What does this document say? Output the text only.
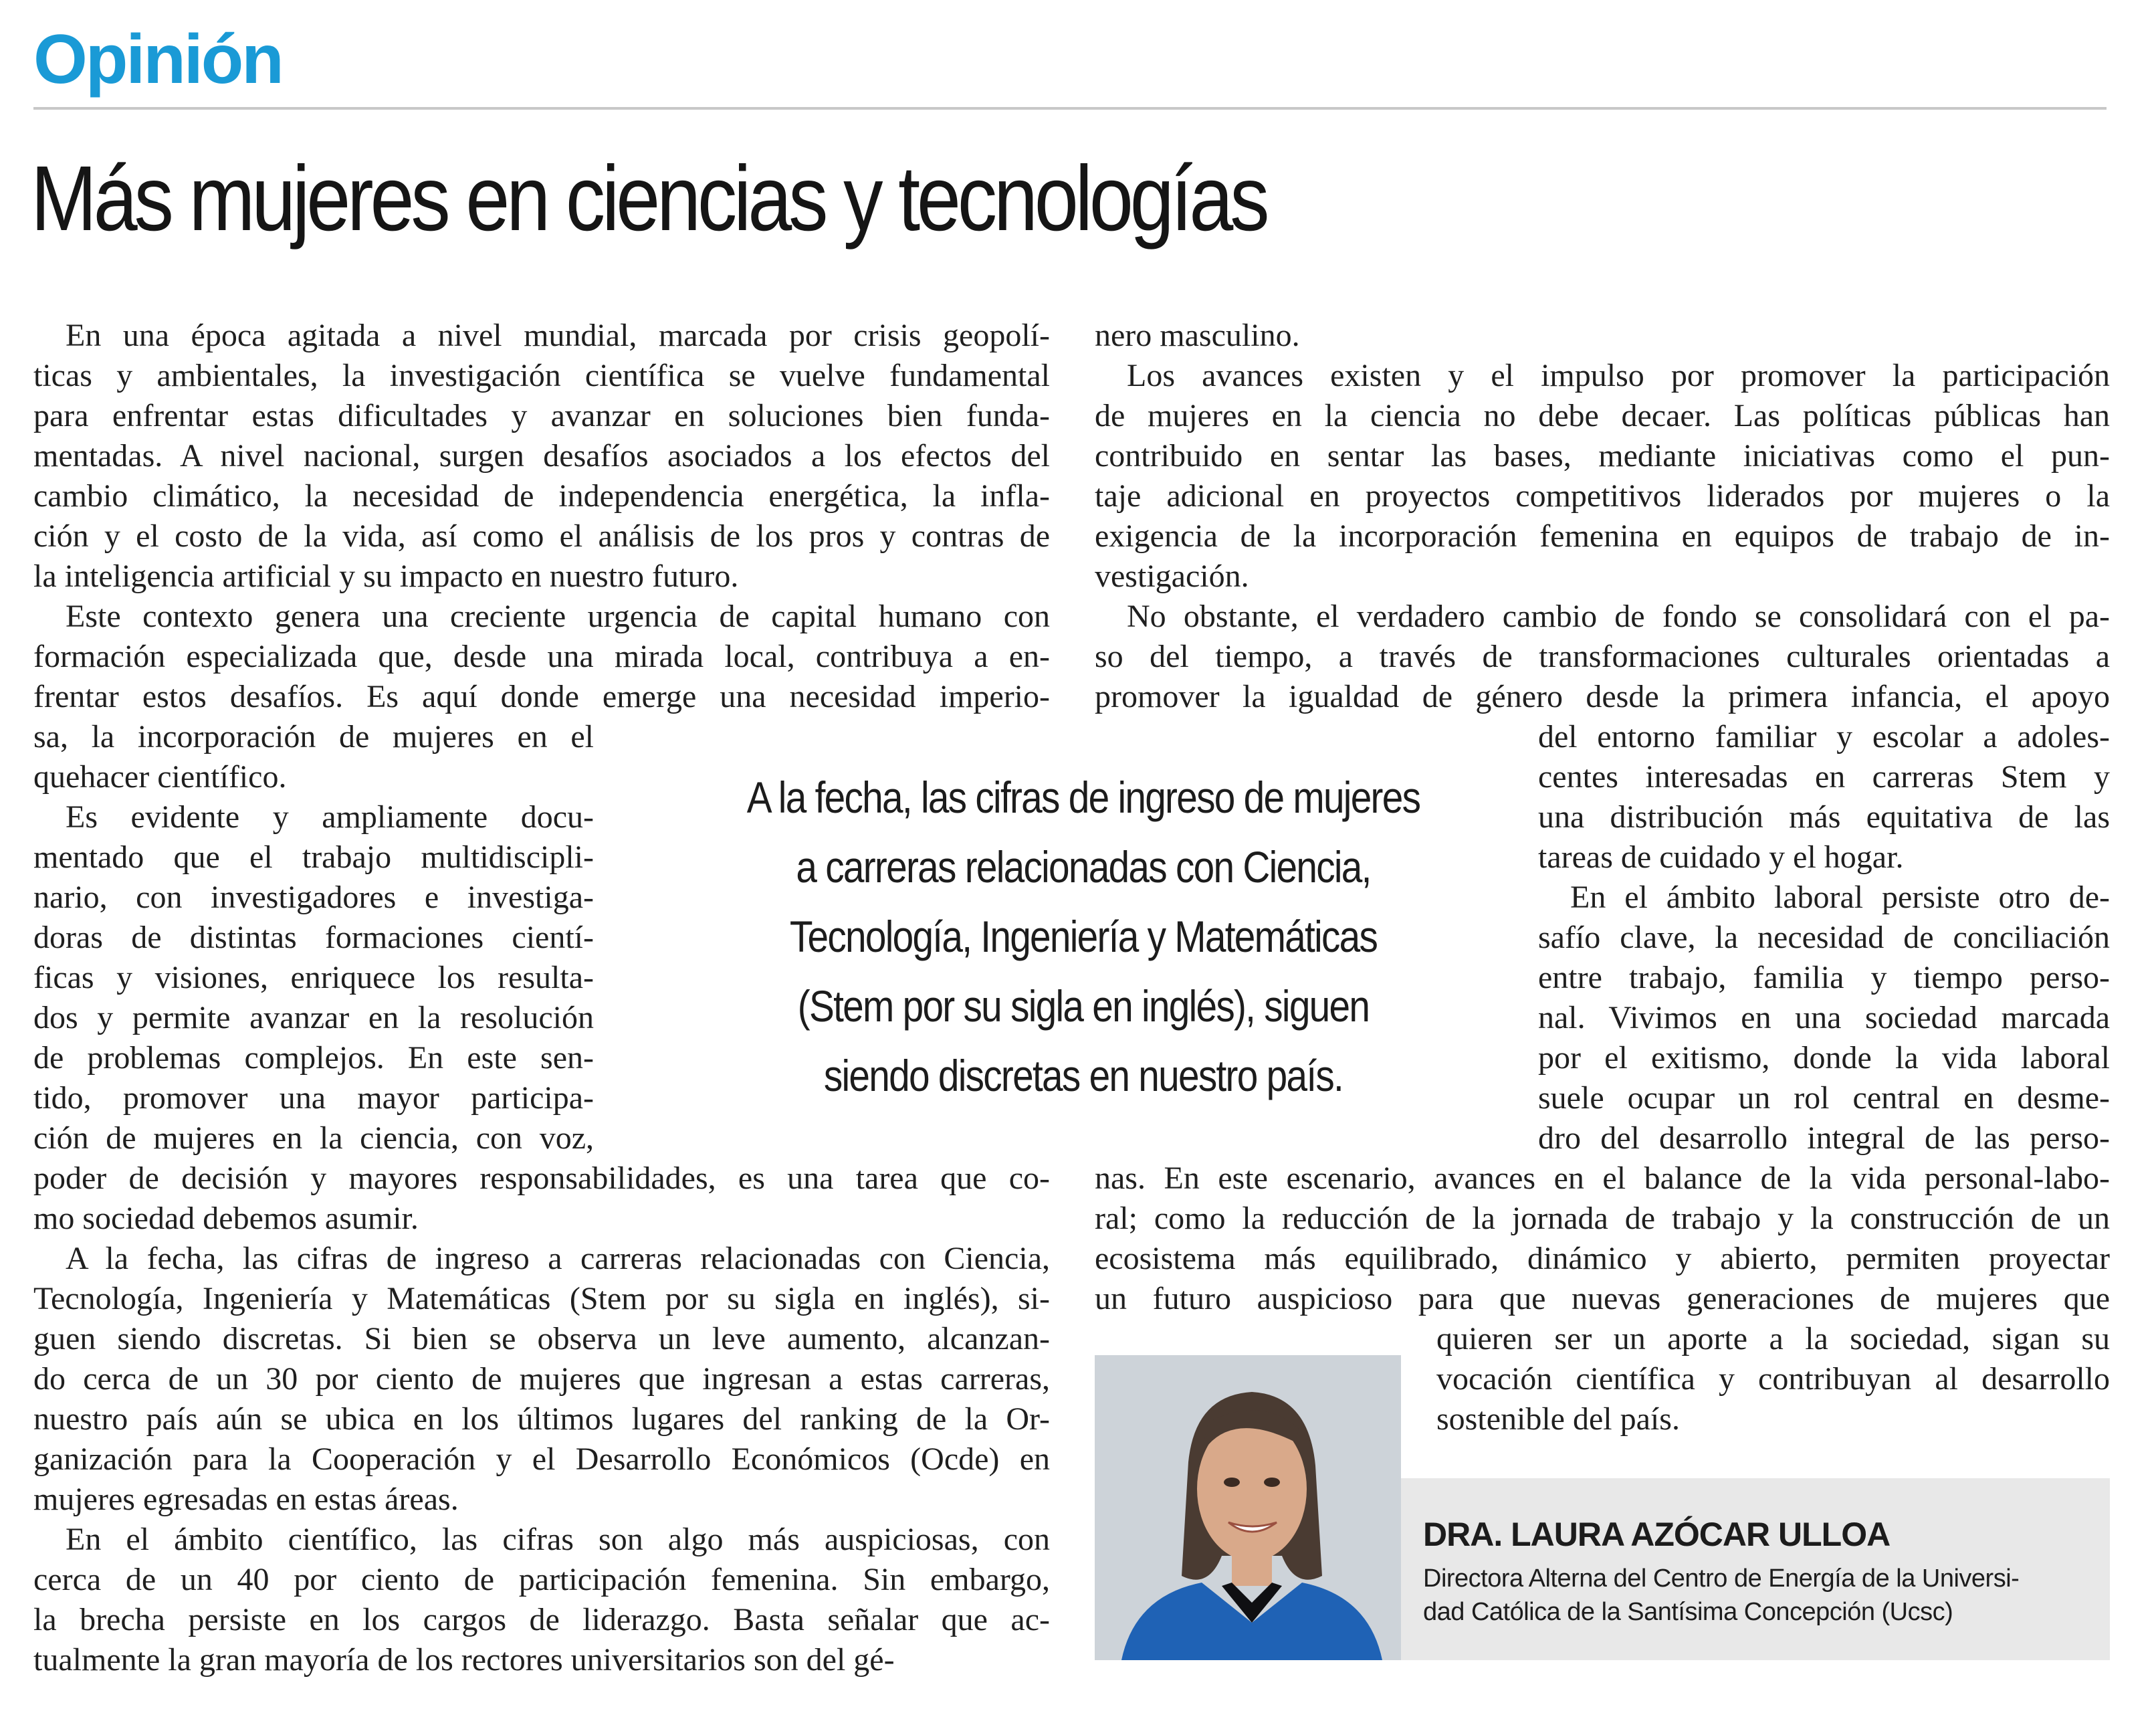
Opinión
Más mujeres en ciencias y tecnologías
En una época agitada a nivel mundial, marcada por crisis geopolí-
ticas y ambientales, la investigación científica se vuelve fundamental
para enfrentar estas dificultades y avanzar en soluciones bien funda-
mentadas. A nivel nacional, surgen desafíos asociados a los efectos del
cambio climático, la necesidad de independencia energética, la infla-
ción y el costo de la vida, así como el análisis de los pros y contras de
la inteligencia artificial y su impacto en nuestro futuro.
Este contexto genera una creciente urgencia de capital humano con
formación especializada que, desde una mirada local, contribuya a en-
frentar estos desafíos. Es aquí donde emerge una necesidad imperio-
sa, la incorporación de mujeres en el
quehacer científico.
Es evidente y ampliamente docu-
mentado que el trabajo multidiscipli-
nario, con investigadores e investiga-
doras de distintas formaciones cientí-
ficas y visiones, enriquece los resulta-
dos y permite avanzar en la resolución
de problemas complejos. En este sen-
tido, promover una mayor participa-
ción de mujeres en la ciencia, con voz,
poder de decisión y mayores responsabilidades, es una tarea que co-
mo sociedad debemos asumir.
A la fecha, las cifras de ingreso a carreras relacionadas con Ciencia,
Tecnología, Ingeniería y Matemáticas (Stem por su sigla en inglés), si-
guen siendo discretas. Si bien se observa un leve aumento, alcanzan-
do cerca de un 30 por ciento de mujeres que ingresan a estas carreras,
nuestro país aún se ubica en los últimos lugares del ranking de la Or-
ganización para la Cooperación y el Desarrollo Económicos (Ocde) en
mujeres egresadas en estas áreas.
En el ámbito científico, las cifras son algo más auspiciosas, con
cerca de un 40 por ciento de participación femenina. Sin embargo,
la brecha persiste en los cargos de liderazgo. Basta señalar que ac-
tualmente la gran mayoría de los rectores universitarios son del gé-
nero masculino.
Los avances existen y el impulso por promover la participación
de mujeres en la ciencia no debe decaer. Las políticas públicas han
contribuido en sentar las bases, mediante iniciativas como el pun-
taje adicional en proyectos competitivos liderados por mujeres o la
exigencia de la incorporación femenina en equipos de trabajo de in-
vestigación.
No obstante, el verdadero cambio de fondo se consolidará con el pa-
so del tiempo, a través de transformaciones culturales orientadas a
promover la igualdad de género desde la primera infancia, el apoyo
del entorno familiar y escolar a adoles-
centes interesadas en carreras Stem y
una distribución más equitativa de las
tareas de cuidado y el hogar.
En el ámbito laboral persiste otro de-
safío clave, la necesidad de conciliación
entre trabajo, familia y tiempo perso-
nal. Vivimos en una sociedad marcada
por el exitismo, donde la vida laboral
suele ocupar un rol central en desme-
dro del desarrollo integral de las perso-
nas. En este escenario, avances en el balance de la vida personal-labo-
ral; como la reducción de la jornada de trabajo y la construcción de un
ecosistema más equilibrado, dinámico y abierto, permiten proyectar
un futuro auspicioso para que nuevas generaciones de mujeres que
quieren ser un aporte a la sociedad, sigan su
vocación científica y contribuyan al desarrollo
sostenible del país.
A la fecha, las cifras de ingreso de mujeres
a carreras relacionadas con Ciencia,
Tecnología, Ingeniería y Matemáticas
(Stem por su sigla en inglés), siguen
siendo discretas en nuestro país.
DRA. LAURA AZÓCAR ULLOA
Directora Alterna del Centro de Energía de la Universi-
dad Católica de la Santísima Concepción (Ucsc)
